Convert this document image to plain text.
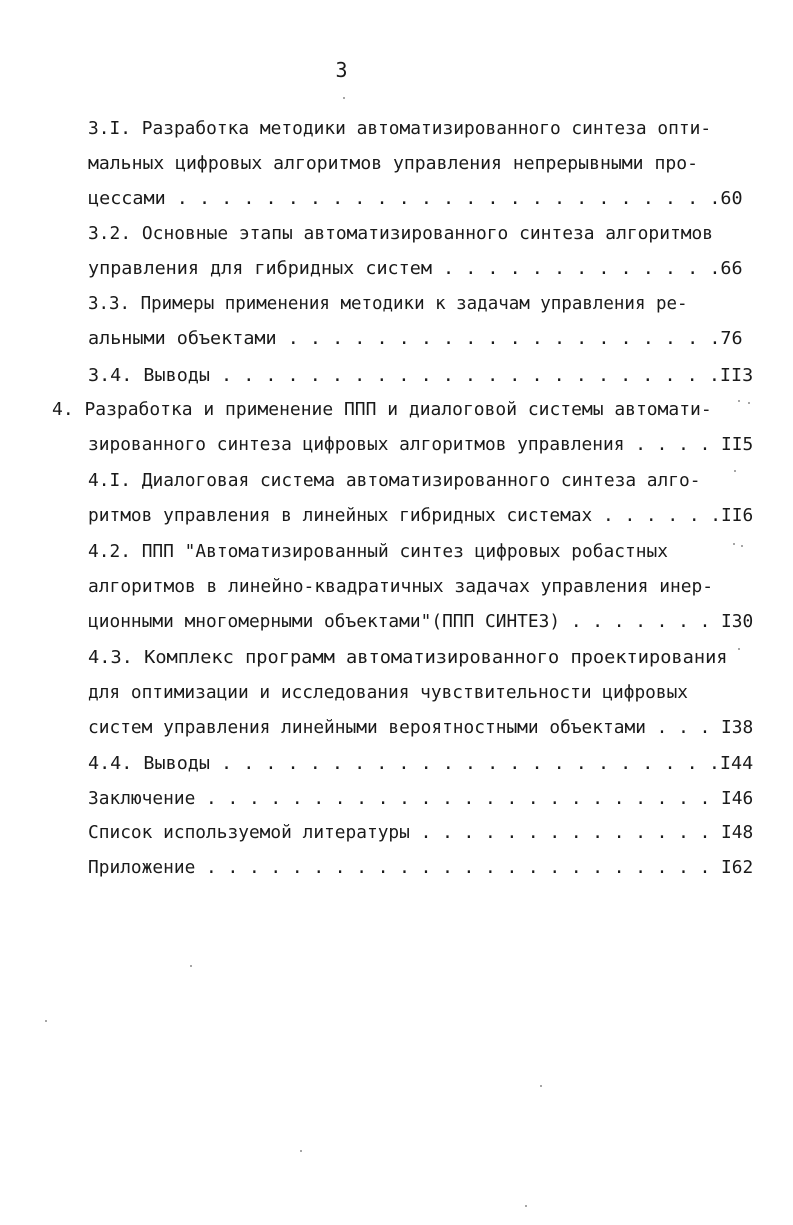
3
3.I. Разработка методики автоматизированного синтеза опти-
мальных цифровых алгоритмов управления непрерывными про-
цессами . . . . . . . . . . . . . . . . . . . . . . . . .60
3.2. Основные этапы автоматизированного синтеза алгоритмов
управления для гибридных систем . . . . . . . . . . . . .66
3.3. Примеры применения методики к задачам управления ре-
альными объектами . . . . . . . . . . . . . . . . . . . .76
3.4. Выводы . . . . . . . . . . . . . . . . . . . . . . .II3
4. Разработка и применение ППП и диалоговой системы автомати-
зированного синтеза цифровых алгоритмов управления . . . . II5
4.I. Диалоговая система автоматизированного синтеза алго-
ритмов управления в линейных гибридных системах . . . . . .II6
4.2. ППП "Автоматизированный синтез цифровых робастных
алгоритмов в линейно-квадратичных задачах управления инер-
ционными многомерными объектами"(ППП СИНТЕЗ) . . . . . . . I30
4.3. Комплекс программ автоматизированного проектирования
для оптимизации и исследования чувствительности цифровых
систем управления линейными вероятностными объектами . . . I38
4.4. Выводы . . . . . . . . . . . . . . . . . . . . . . .I44
Заключение . . . . . . . . . . . . . . . . . . . . . . . . I46
Список используемой литературы . . . . . . . . . . . . . . I48
Приложение . . . . . . . . . . . . . . . . . . . . . . . . I62
